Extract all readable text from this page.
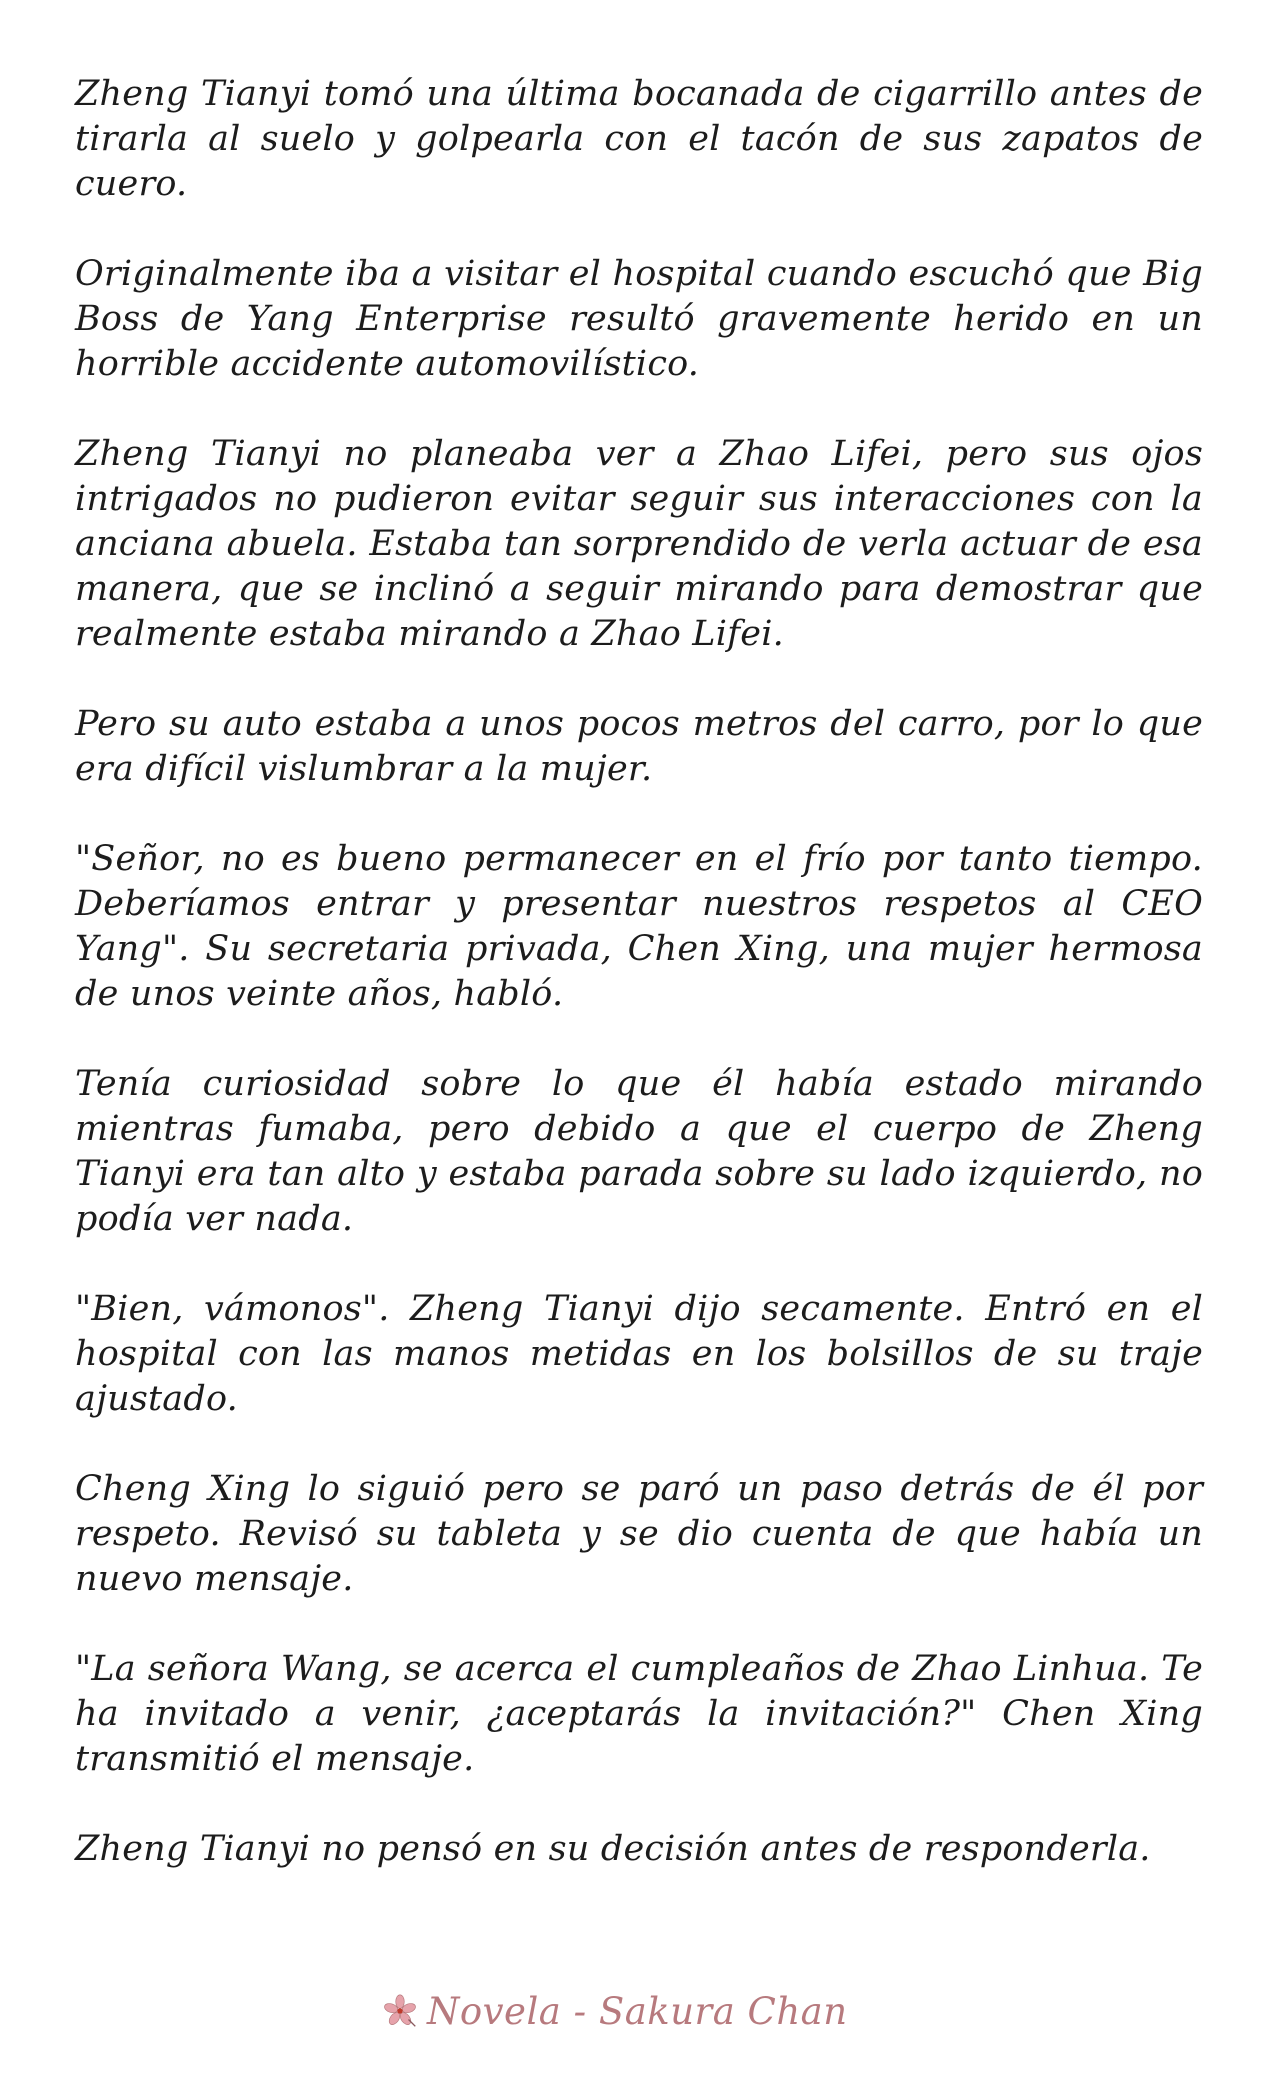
Zheng Tianyi tomó una última bocanada de cigarrillo antes de tirarla al suelo y golpearla con el tacón de sus zapatos de cuero.

Originalmente iba a visitar el hospital cuando escuchó que Big Boss de Yang Enterprise resultó gravemente herido en un horrible accidente automovilístico.

Zheng Tianyi no planeaba ver a Zhao Lifei, pero sus ojos intrigados no pudieron evitar seguir sus interacciones con la anciana abuela. Estaba tan sorprendido de verla actuar de esa manera, que se inclinó a seguir mirando para demostrar que realmente estaba mirando a Zhao Lifei.

Pero su auto estaba a unos pocos metros del carro, por lo que era difícil vislumbrar a la mujer.

"Señor, no es bueno permanecer en el frío por tanto tiempo. Deberíamos entrar y presentar nuestros respetos al CEO Yang". Su secretaria privada, Chen Xing, una mujer hermosa de unos veinte años, habló.

Tenía curiosidad sobre lo que él había estado mirando mientras fumaba, pero debido a que el cuerpo de Zheng Tianyi era tan alto y estaba parada sobre su lado izquierdo, no podía ver nada.

"Bien, vámonos". Zheng Tianyi dijo secamente. Entró en el hospital con las manos metidas en los bolsillos de su traje ajustado.

Cheng Xing lo siguió pero se paró un paso detrás de él por respeto. Revisó su tableta y se dio cuenta de que había un nuevo mensaje.

"La señora Wang, se acerca el cumpleaños de Zhao Linhua. Te ha invitado a venir, ¿aceptarás la invitación?" Chen Xing transmitió el mensaje.

Zheng Tianyi no pensó en su decisión antes de responderla.

Novela - Sakura Chan
